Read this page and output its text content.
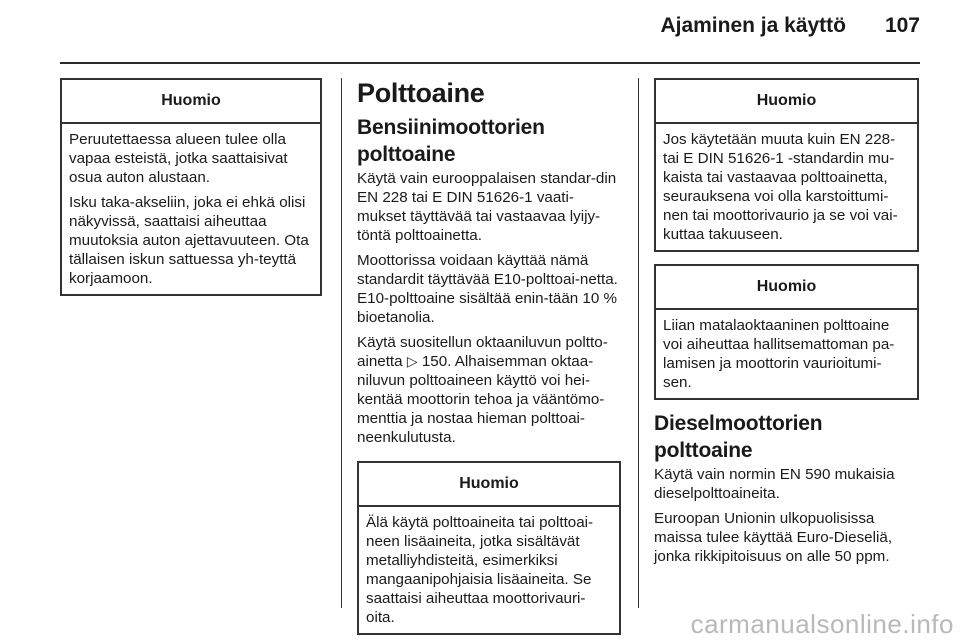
Ajaminen ja käyttö 107
Huomio

Peruutettaessa alueen tulee olla vapaa esteistä, jotka saattaisivat osua auton alustaan.

Isku taka-akseliin, joka ei ehkä olisi näkyvissä, saattaisi aiheuttaa muutoksia auton ajettavuuteen. Ota tällaisen iskun sattuessa yh-teyttä korjaamoon.

Polttoaine
Bensiinimoottorien polttoaine

Käytä vain eurooppalaisen standar-din EN 228 tai E DIN 51626-1 vaati-mukset täyttävää tai vastaavaa lyijy-töntä polttoainetta.

Moottorissa voidaan käyttää nämä standardit täyttävää E10-polttoai-netta. E10-polttoaine sisältää enin-tään 10 % bioetanolia.

Käytä suositellun oktaaniluvun poltto-ainetta ▷ 150. Alhaisemman oktaa-niluvun polttoaineen käyttö voi hei-kentää moottorin tehoa ja vääntömo-menttia ja nostaa hieman polttoai-neenkulutusta.

Huomio

Älä käytä polttoaineita tai polttoai-neen lisäaineita, jotka sisältävät metalliyhdisteitä, esimerkiksi mangaanipohjaisia lisäaineita. Se saattaisi aiheuttaa moottorivauri-oita.

Huomio

Jos käytetään muuta kuin EN 228-tai E DIN 51626-1 -standardin mu-kaista tai vastaavaa polttoainetta, seurauksena voi olla karstoittumi-nen tai moottorivaurio ja se voi vai-kuttaa takuuseen.

Huomio

Liian matalaoktaaninen polttoaine voi aiheuttaa hallitsemattoman pa-lamisen ja moottorin vaurioitumi-sen.

Dieselmoottorien polttoaine

Käytä vain normin EN 590 mukaisia dieselpolttoaineita.

Euroopan Unionin ulkopuolisissa maissa tulee käyttää Euro-Dieseliä, jonka rikkipitoisuus on alle 50 ppm.

carmanualsonline.info
